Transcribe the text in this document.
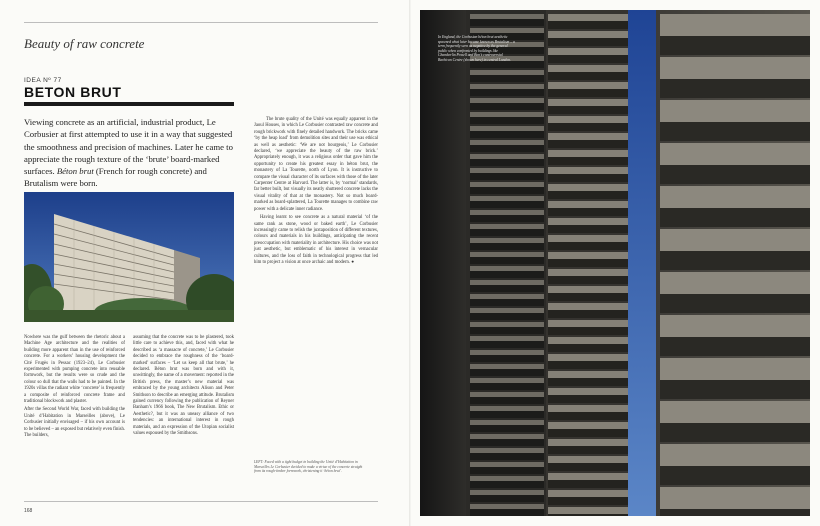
Beauty of raw concrete
IDEA Nº 77
BETON BRUT
Viewing concrete as an artificial, industrial product, Le Corbusier at first attempted to use it in a way that suggested the smoothness and precision of machines. Later he came to appreciate the rough texture of the ‘brute’ board-marked surfaces. Béton brut (French for rough concrete) and Brutalism were born.

Nowhere was the gulf between the rhetoric about a Machine Age architecture and the realities of building more apparent than in the use of reinforced concrete. For a workers’ housing development the Cité Frugès in Pessac (1923–24), Le Corbusier experimented with pumping concrete into reusable formwork, but the results were so crude and the colour so dull that the walls had to be painted. In the 1920s villas the radiant white ‘concrete’ is frequently a composite of reinforced concrete frame and traditional blockwork and plaster.

After the Second World War, faced with building the Unité d’Habitation in Marseilles (above), Le Corbusier initially envisaged – if his own account is to be believed – an exposed but relatively even finish. The builders,

assuming that the concrete was to be plastered, took little care to achieve this, and, faced with what he described as ‘a massacre of concrete,’ Le Corbusier decided to embrace the roughness of the ‘board-marked’ surfaces – ‘Let us keep all that brute,’ he declared. Béton brut was born and with it, unwittingly, the name of a movement: reported in the British press, the master’s new material was embraced by the young architects Alison and Peter Smithson to describe an emerging attitude. Brutalism gained currency following the publication of Reyner Banham’s 1966 book, The New Brutalism. Ethic or Aesthetic?, but it was an uneasy alliance of two tendencies: an international interest in rough materials, and an expression of the Utopian socialist values espoused by the Smithsons.

The brute quality of the Unité was equally apparent in the Jaoul Houses, in which Le Corbusier contrasted raw concrete and rough brickwork with finely detailed handwork. The bricks came ‘by the heap load’ from demolition sites and their use was ethical as well as aesthetic: ‘We are not bourgeois,’ Le Corbusier declared, ‘we appreciate the beauty of the raw brick.’ Appropriately enough, it was a religious order that gave him the opportunity to create his greatest essay in béton brut, the monastery of La Tourette, north of Lyon. It is instructive to compare the visual character of its surfaces with those of the later Carpenter Centre at Harvard. The latter is, by ‘normal’ standards, far better built, but visually its neatly shuttered concrete lacks the visual vitality of that at the monastery. Not so much board-marked as board-splattered, La Tourette manages to combine raw power with a delicate inner radiance.

Having learnt to see concrete as a natural material ‘of the same rank as stone, wood or baked earth’, Le Corbusier increasingly came to relish the juxtaposition of different textures, colours and materials in his buildings, anticipating the recent preoccupation with materiality in architecture. His choice was not just aesthetic, but emblematic of his interest in vernacular cultures, and the loss of faith in technological progress that led him to project a vision at once archaic and modern. ●

LEFT: Faced with a tight budget in building the Unité d’Habitation in Marseilles Le Corbusier decided to make a virtue of the concrete straight from its rough-timber formwork, christening it ‘béton brut’.
168
In England, the Corbusian béton brut aesthetic spawned what later became known as Brutalism – a term frequently seen as negative by the general public when confronted by buildings like Chamberlin Powell and Bon’s controversial Barbican Centre (shown here) in central London.
